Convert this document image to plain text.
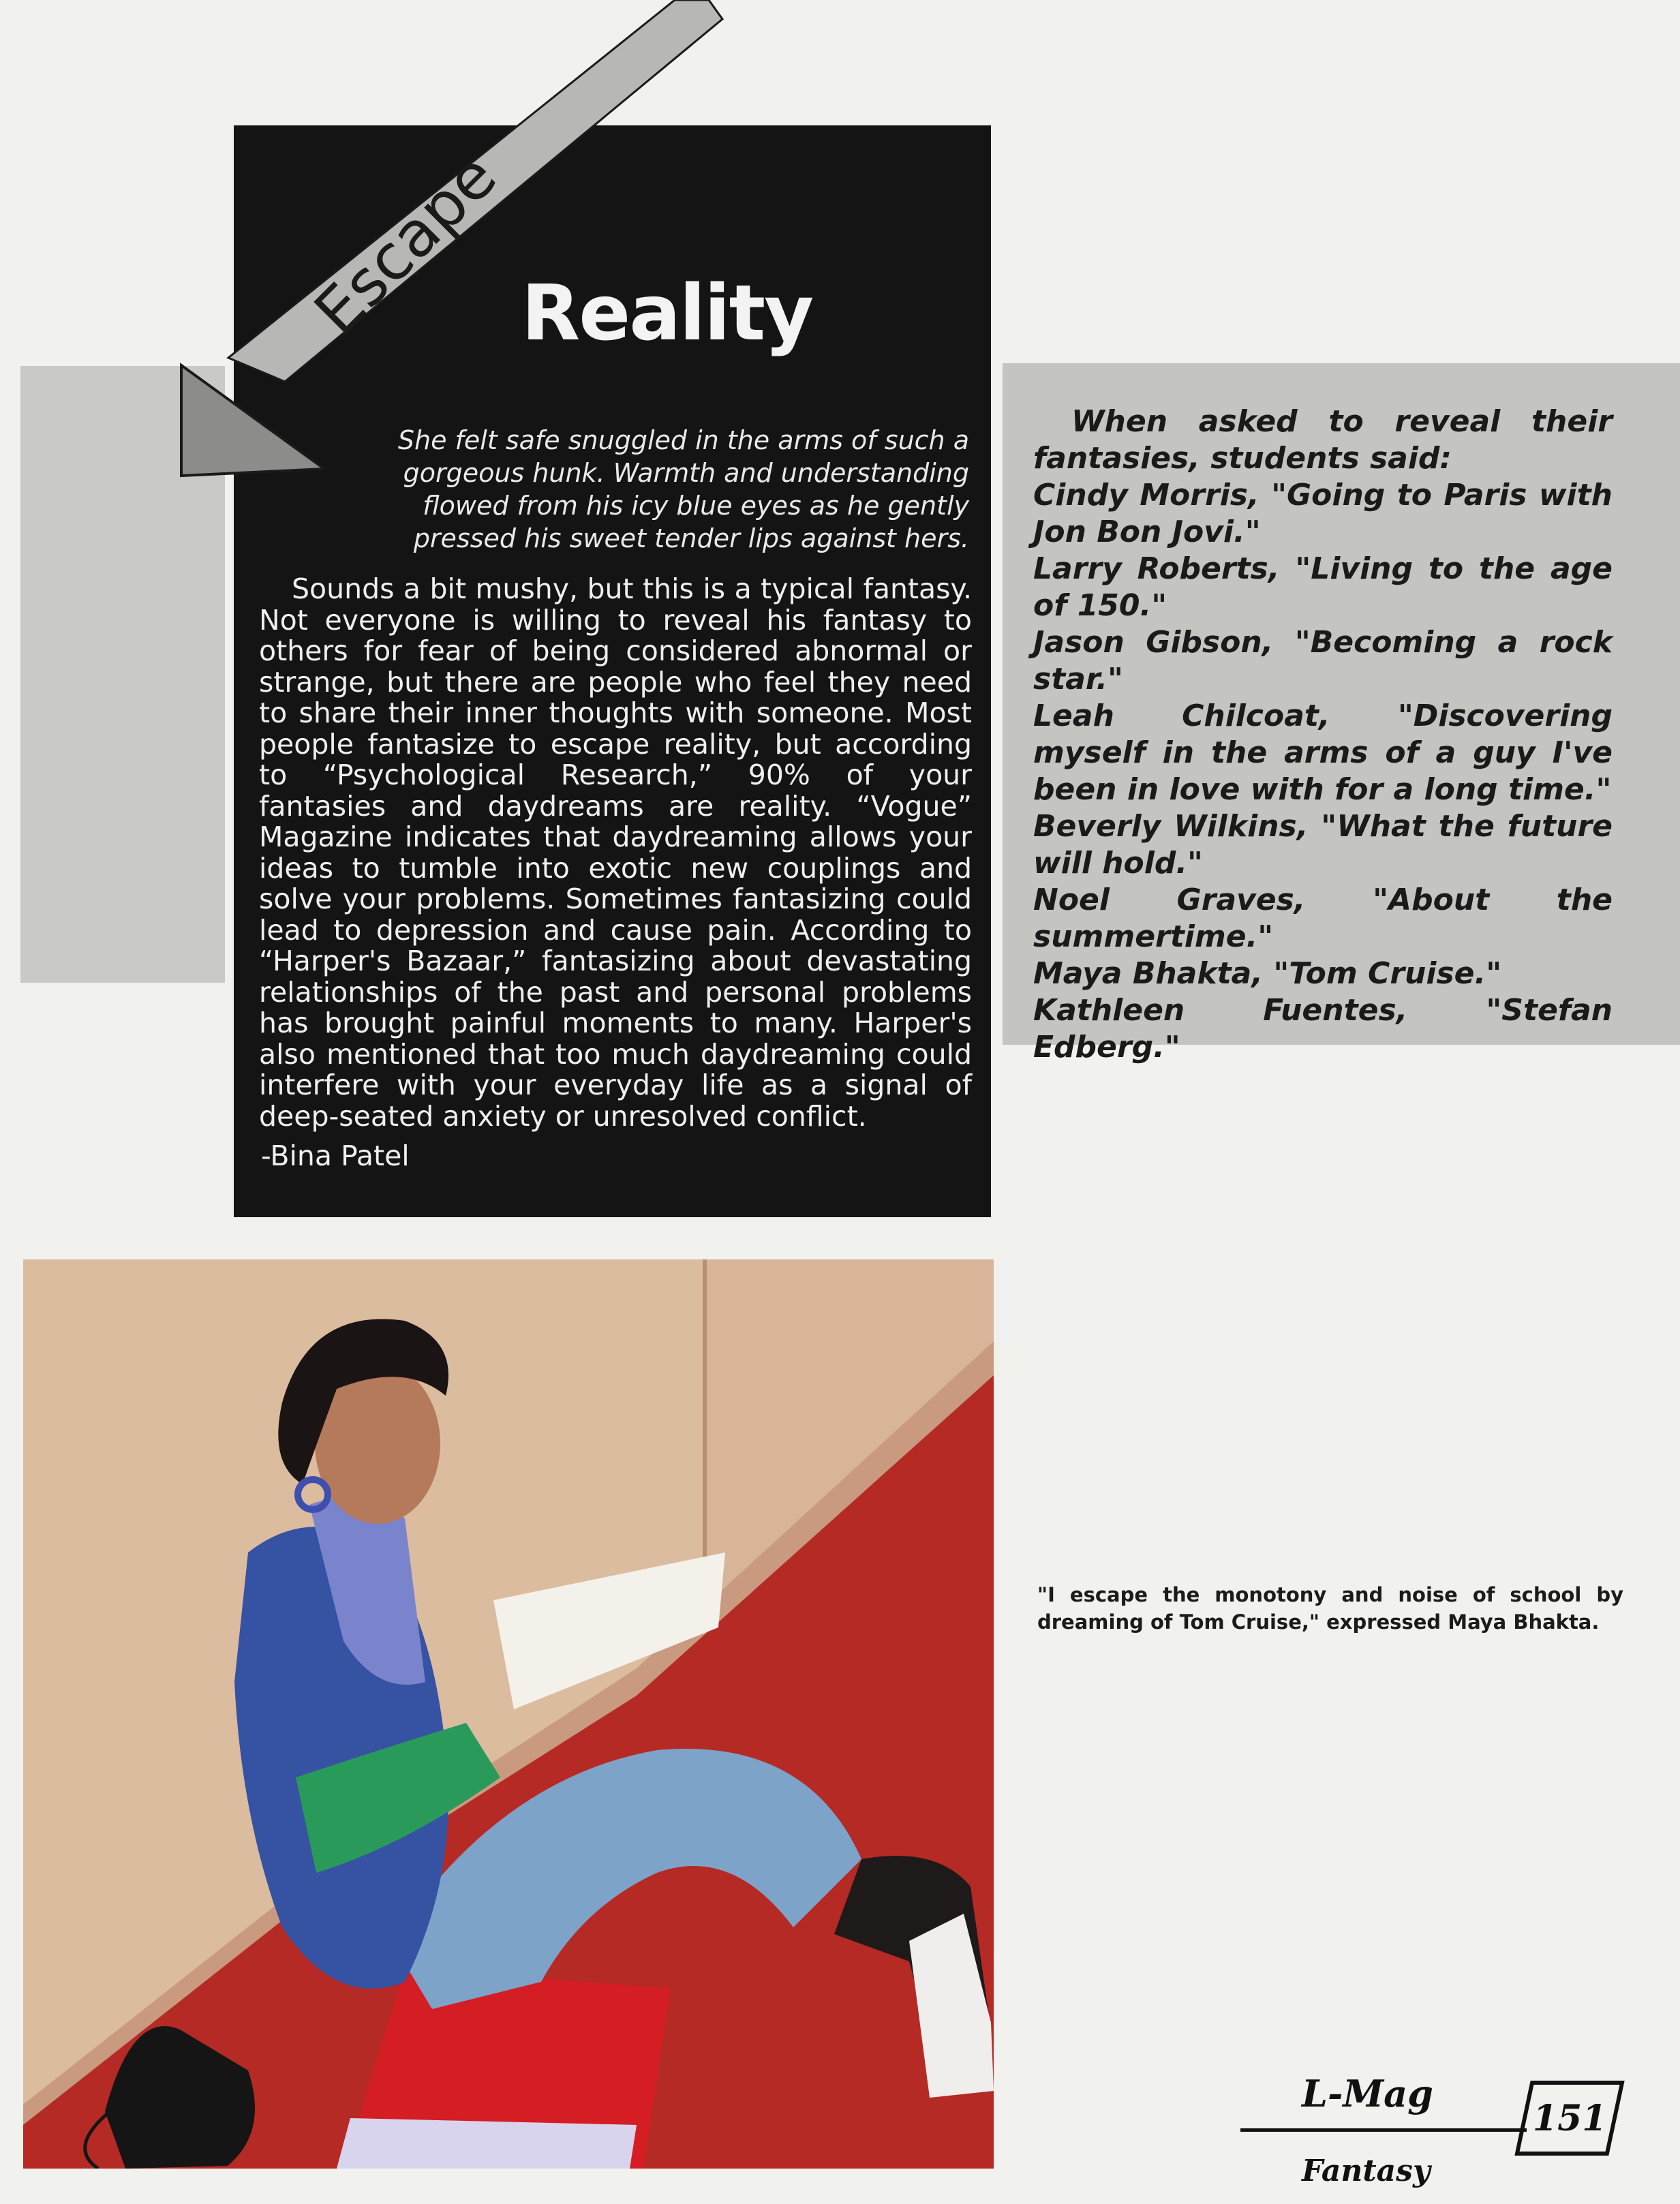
Escape Reality
She felt safe snuggled in the arms of such a gorgeous hunk. Warmth and understanding flowed from his icy blue eyes as he gently pressed his sweet tender lips against hers.
Sounds a bit mushy, but this is a typical fantasy. Not everyone is willing to reveal his fantasy to others for fear of being considered abnormal or strange, but there are people who feel they need to share their inner thoughts with someone. Most people fantasize to escape reality, but according to “Psychological Research,” 90% of your fantasies and daydreams are reality. “Vogue” Magazine indicates that daydreaming allows your ideas to tumble into exotic new couplings and solve your problems. Sometimes fantasizing could lead to depression and cause pain. According to “Harper's Bazaar,” fantasizing about devastating relationships of the past and personal problems has brought painful moments to many. Harper's also mentioned that too much daydreaming could interfere with your everyday life as a signal of deep-seated anxiety or unresolved conflict.
-Bina Patel
When asked to reveal their fantasies, students said:
Cindy Morris, "Going to Paris with Jon Bon Jovi."
Larry Roberts, "Living to the age of 150."
Jason Gibson, "Becoming a rock star."
Leah Chilcoat, "Discovering myself in the arms of a guy I've been in love with for a long time."
Beverly Wilkins, "What the future will hold."
Noel Graves, "About the summertime."
Maya Bhakta, "Tom Cruise."
Kathleen Fuentes, "Stefan Edberg."
"I escape the monotony and noise of school by dreaming of Tom Cruise," expressed Maya Bhakta.
L-Mag
Fantasy
151
